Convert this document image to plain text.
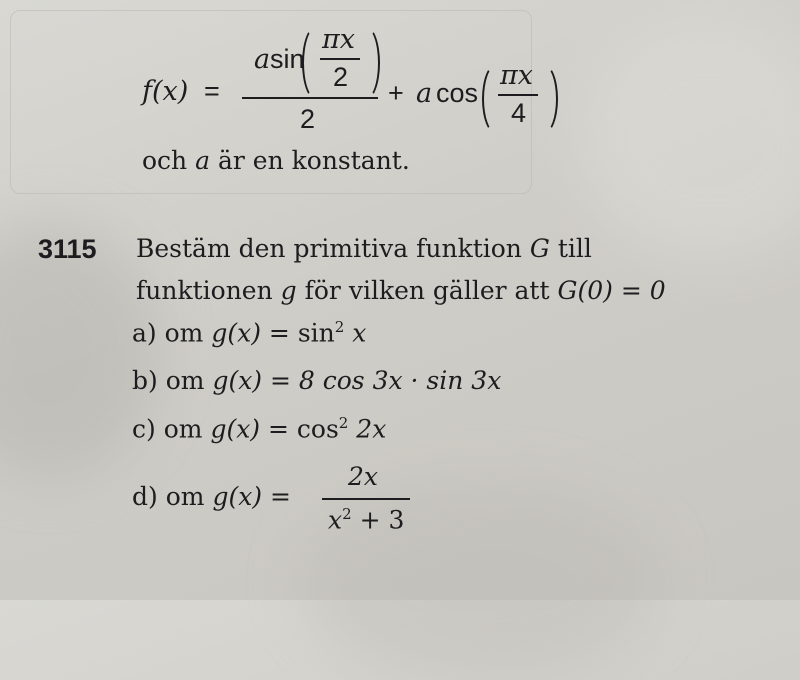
f(x) =
a sin
πx
2
2
+ a cos
πx
4
och a är en konstant.
3115 Bestäm den primitiva funktion G till
funktionen g för vilken gäller att G(0) = 0
a) om $g(x) = \sin^2 x$
b) om g(x) = 8 cos 3x · sin 3x
c) om $g(x) = \cos^2 2x$
d) om g(x) =
2x
$x^2 + 3$
